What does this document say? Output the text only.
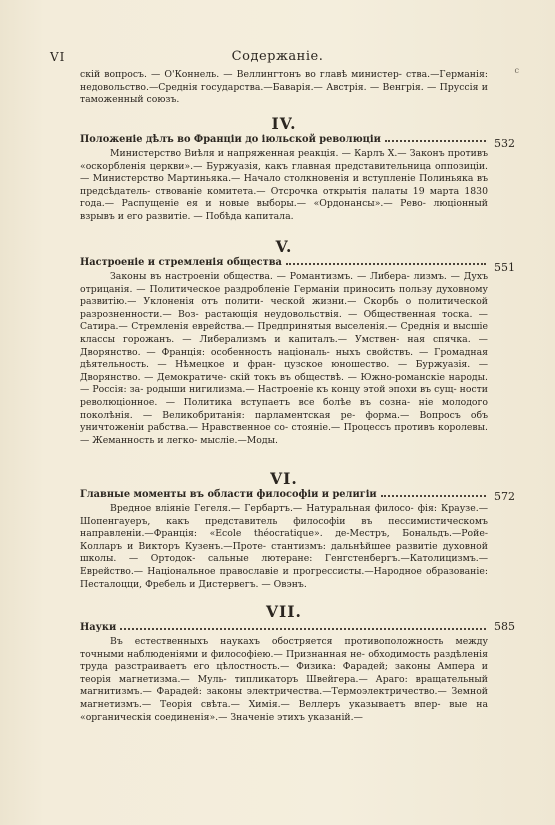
VI	Содержаніе.
с

скій вопросъ. — О'Коннель. — Веллингтонъ во главѣ министер- ства.—Германія: недовольство.—Среднія государства.—Баварія.— Австрія. — Венгрія. — Пруссія и таможенный союзъ.

IV.

Положеніе дѣлъ во Франціи до іюльской революціи

Министерство Виѣля и напряженная реакція. — Карлъ X.— Законъ противъ «оскорбленія церкви».— Буржуазія, какъ главная представительница оппозиціи. — Министерство Мартиньяка.— Начало столкновенія и вступленіе Полиньяка въ предсѣдатель- ствованіе комитета.— Отсрочка открытія палаты 19 марта 1830 года.— Распущеніе ея и новые выборы.— «Ордонансы».— Рево- люціонный взрывъ и его развитіе. — Побѣда капитала.

532

V.

Настроеніе и стремленія общества

Законы въ настроеніи общества. — Романтизмъ. — Либера- лизмъ. — Духъ отрицанія. — Политическое раздробленіе Германіи приносить пользу духовному развитію.— Уклоненія отъ полити- ческой жизни.— Скорбь о политической разрозненности.— Воз- растающія неудовольствія. — Общественная тоска. — Сатира.— Стремленія еврейства.— Предпринятыя выселенія.— Среднія и высшіе классы горожанъ. — Либерализмъ и капиталъ.— Умствен- ная спячка. — Дворянство. — Франція: особенность національ- ныхъ свойствъ. — Громадная дѣятельность. — Нѣмецкое и фран- цузское юношество. — Буржуазія. — Дворянство. — Демократиче- скій токъ въ обществѣ. — Южно-романскіе народы. — Россія: за- родыши нигилизма.— Настроеніе къ концу этой эпохи въ сущ- ности революціонное. — Политика вступаетъ все болѣе въ созна- ніе молодого поколѣнія. — Великобританія: парламентская ре- форма.— Вопросъ объ уничтоженіи рабства.— Нравственное со- стояніе.— Процессъ противъ королевы. — Жеманность и легко- мысліе.—Моды.

551

VI.

Главные моменты въ области философіи и религіи

Вредное вліяніе Гегеля.— Гербартъ.— Натуральная филосо- фія: Краузе.— Шопенгауеръ, какъ представитель философіи въ пессимистическомъ направленіи.—Франція: «Ecole théocratique». де-Местръ, Бональдъ.—Ройе-Колларъ и Викторъ Кузенъ.—Проте- стантизмъ: дальнѣйшее развитіе духовной школы. — Ортодок- сальные лютеране: Генгстенбергъ.—Католицизмъ.—Еврейство.— Національное православіе и прогрессисты.—Народное образованіе: Песталоцци, Фребель и Дистервегъ. — Овэнъ.

572

VII.

Науки

Въ естественныхъ наукахъ обостряется противоположность между точными наблюденіями и философіею.— Признанная не- обходимость раздѣленія труда разстраиваетъ его цѣлостность.— Физика: Фарадей; законы Ампера и теорія магнетизма.— Муль- типликаторъ Швейгера.— Араго: вращательный магнитизмъ.— Фарадей: законы электричества.—Термоэлектричество.— Земной магнетизмъ.— Теорія свѣта.— Химія.— Веллеръ указываетъ впер- вые на «органическія соединенія».— Значеніе этихъ указаній.—

585
